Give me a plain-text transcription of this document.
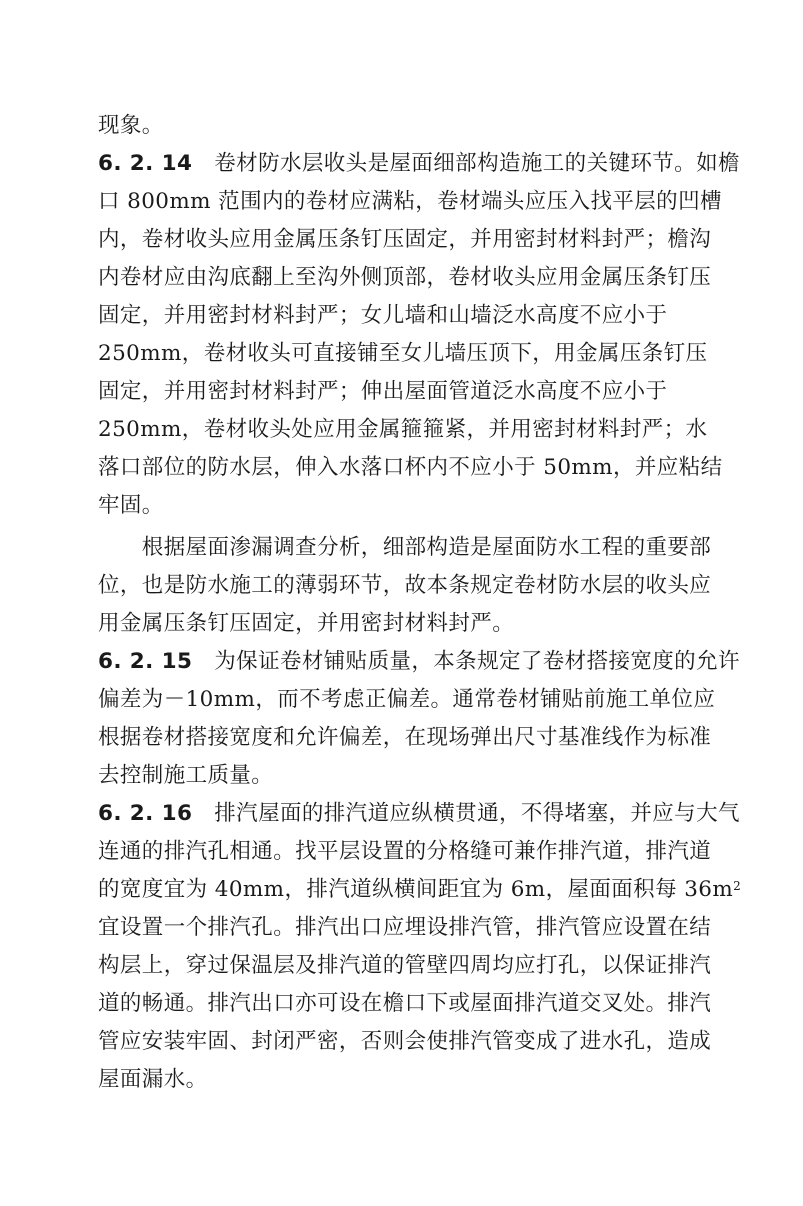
现象。
6. 2. 14　 卷材防水层收头是屋面细部构造施工的关键环节。如檐
口 800mm 范围内的卷材应满粘，卷材端头应压入找平层的凹槽
内，卷材收头应用金属压条钉压固定，并用密封材料封严；檐沟
内卷材应由沟底翻上至沟外侧顶部，卷材收头应用金属压条钉压
固定，并用密封材料封严；女儿墙和山墙泛水高度不应小于
250mm，卷材收头可直接铺至女儿墙压顶下，用金属压条钉压
固定，并用密封材料封严；伸出屋面管道泛水高度不应小于
250mm，卷材收头处应用金属箍箍紧，并用密封材料封严；水
落口部位的防水层，伸入水落口杯内不应小于 50mm，并应粘结
牢固。
　　根据屋面渗漏调查分析，细部构造是屋面防水工程的重要部
位，也是防水施工的薄弱环节，故本条规定卷材防水层的收头应
用金属压条钉压固定，并用密封材料封严。
6. 2. 15　 为保证卷材铺贴质量，本条规定了卷材搭接宽度的允许
偏差为－10mm，而不考虑正偏差。通常卷材铺贴前施工单位应
根据卷材搭接宽度和允许偏差，在现场弹出尺寸基准线作为标准
去控制施工质量。
6. 2. 16　 排汽屋面的排汽道应纵横贯通，不得堵塞，并应与大气
连通的排汽孔相通。找平层设置的分格缝可兼作排汽道，排汽道
的宽度宜为 40mm，排汽道纵横间距宜为 6m，屋面面积每 $36m^2$
宜设置一个排汽孔。排汽出口应埋设排汽管，排汽管应设置在结
构层上，穿过保温层及排汽道的管壁四周均应打孔，以保证排汽
道的畅通。排汽出口亦可设在檐口下或屋面排汽道交叉处。排汽
管应安装牢固、封闭严密，否则会使排汽管变成了进水孔，造成
屋面漏水。
